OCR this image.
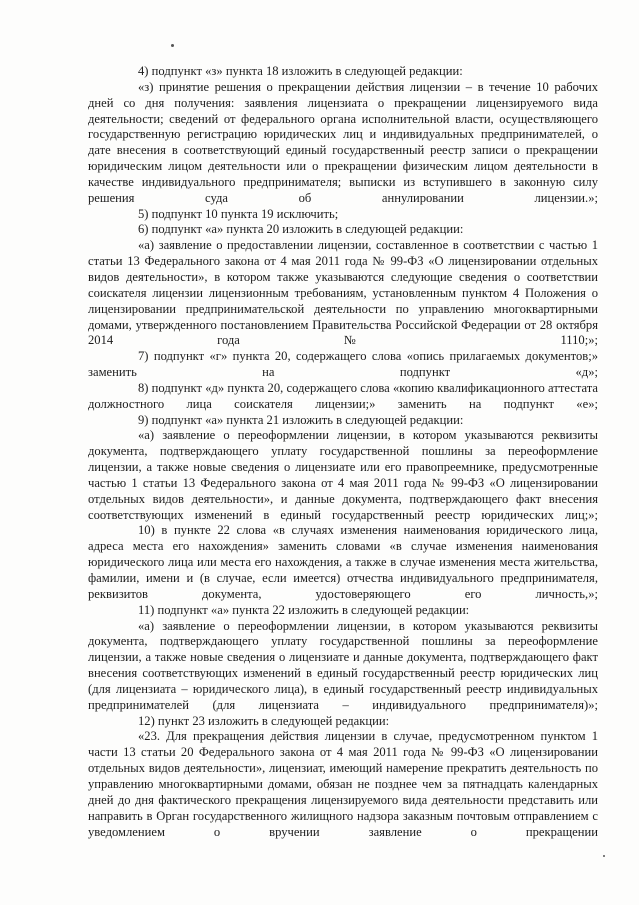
4) подпункт «з» пункта 18 изложить в следующей редакции:

«з) принятие решения о прекращении действия лицензии – в течение 10 рабочих дней со дня получения: заявления лицензиата о прекращении лицензируемого вида деятельности; сведений от федерального органа исполнительной власти, осуществляющего государственную регистрацию юридических лиц и индивидуальных предпринимателей, о дате внесения в соответствующий единый государственный реестр записи о прекращении юридическим лицом деятельности или о прекращении физическим лицом деятельности в качестве индивидуального предпринимателя; выписки из вступившего в законную силу решения суда об аннулировании лицензии.»;

5) подпункт 10 пункта 19 исключить;

6) подпункт «а» пункта 20 изложить в следующей редакции:

«а) заявление о предоставлении лицензии, составленное в соответствии с частью 1 статьи 13 Федерального закона от 4 мая 2011 года № 99-ФЗ «О лицензировании отдельных видов деятельности», в котором также указываются следующие сведения о соответствии соискателя лицензии лицензионным требованиям, установленным пунктом 4 Положения о лицензировании предпринимательской деятельности по управлению многоквартирными домами, утвержденного постановлением Правительства Российской Федерации от 28 октября 2014 года № 1110;»;

7) подпункт «г» пункта 20, содержащего слова «опись прилагаемых документов;» заменить на подпункт «д»;

8) подпункт «д» пункта 20, содержащего слова «копию квалификационного аттестата должностного лица соискателя лицензии;» заменить на подпункт «е»;

9) подпункт «а» пункта 21 изложить в следующей редакции:

«а) заявление о переоформлении лицензии, в котором указываются реквизиты документа, подтверждающего уплату государственной пошлины за переоформление лицензии, а также новые сведения о лицензиате или его правопреемнике, предусмотренные частью 1 статьи 13 Федерального закона от 4 мая 2011 года № 99-ФЗ «О лицензировании отдельных видов деятельности», и данные документа, подтверждающего факт внесения соответствующих изменений в единый государственный реестр юридических лиц;»;

10) в пункте 22 слова «в случаях изменения наименования юридического лица, адреса места его нахождения» заменить словами «в случае изменения наименования юридического лица или места его нахождения, а также в случае изменения места жительства, фамилии, имени и (в случае, если имеется) отчества индивидуального предпринимателя, реквизитов документа, удостоверяющего его личность,»;

11) подпункт «а» пункта 22 изложить в следующей редакции:

«а) заявление о переоформлении лицензии, в котором указываются реквизиты документа, подтверждающего уплату государственной пошлины за переоформление лицензии, а также новые сведения о лицензиате и данные документа, подтверждающего факт внесения соответствующих изменений в единый государственный реестр юридических лиц (для лицензиата – юридического лица), в единый государственный реестр индивидуальных предпринимателей (для лицензиата – индивидуального предпринимателя)»;

12) пункт 23 изложить в следующей редакции:

«23. Для прекращения действия лицензии в случае, предусмотренном пунктом 1 части 13 статьи 20 Федерального закона от 4 мая 2011 года № 99-ФЗ «О лицензировании отдельных видов деятельности», лицензиат, имеющий намерение прекратить деятельность по управлению многоквартирными домами, обязан не позднее чем за пятнадцать календарных дней до дня фактического прекращения лицензируемого вида деятельности представить или направить в Орган государственного жилищного надзора заказным почтовым отправлением с уведомлением о вручении заявление о прекращении
